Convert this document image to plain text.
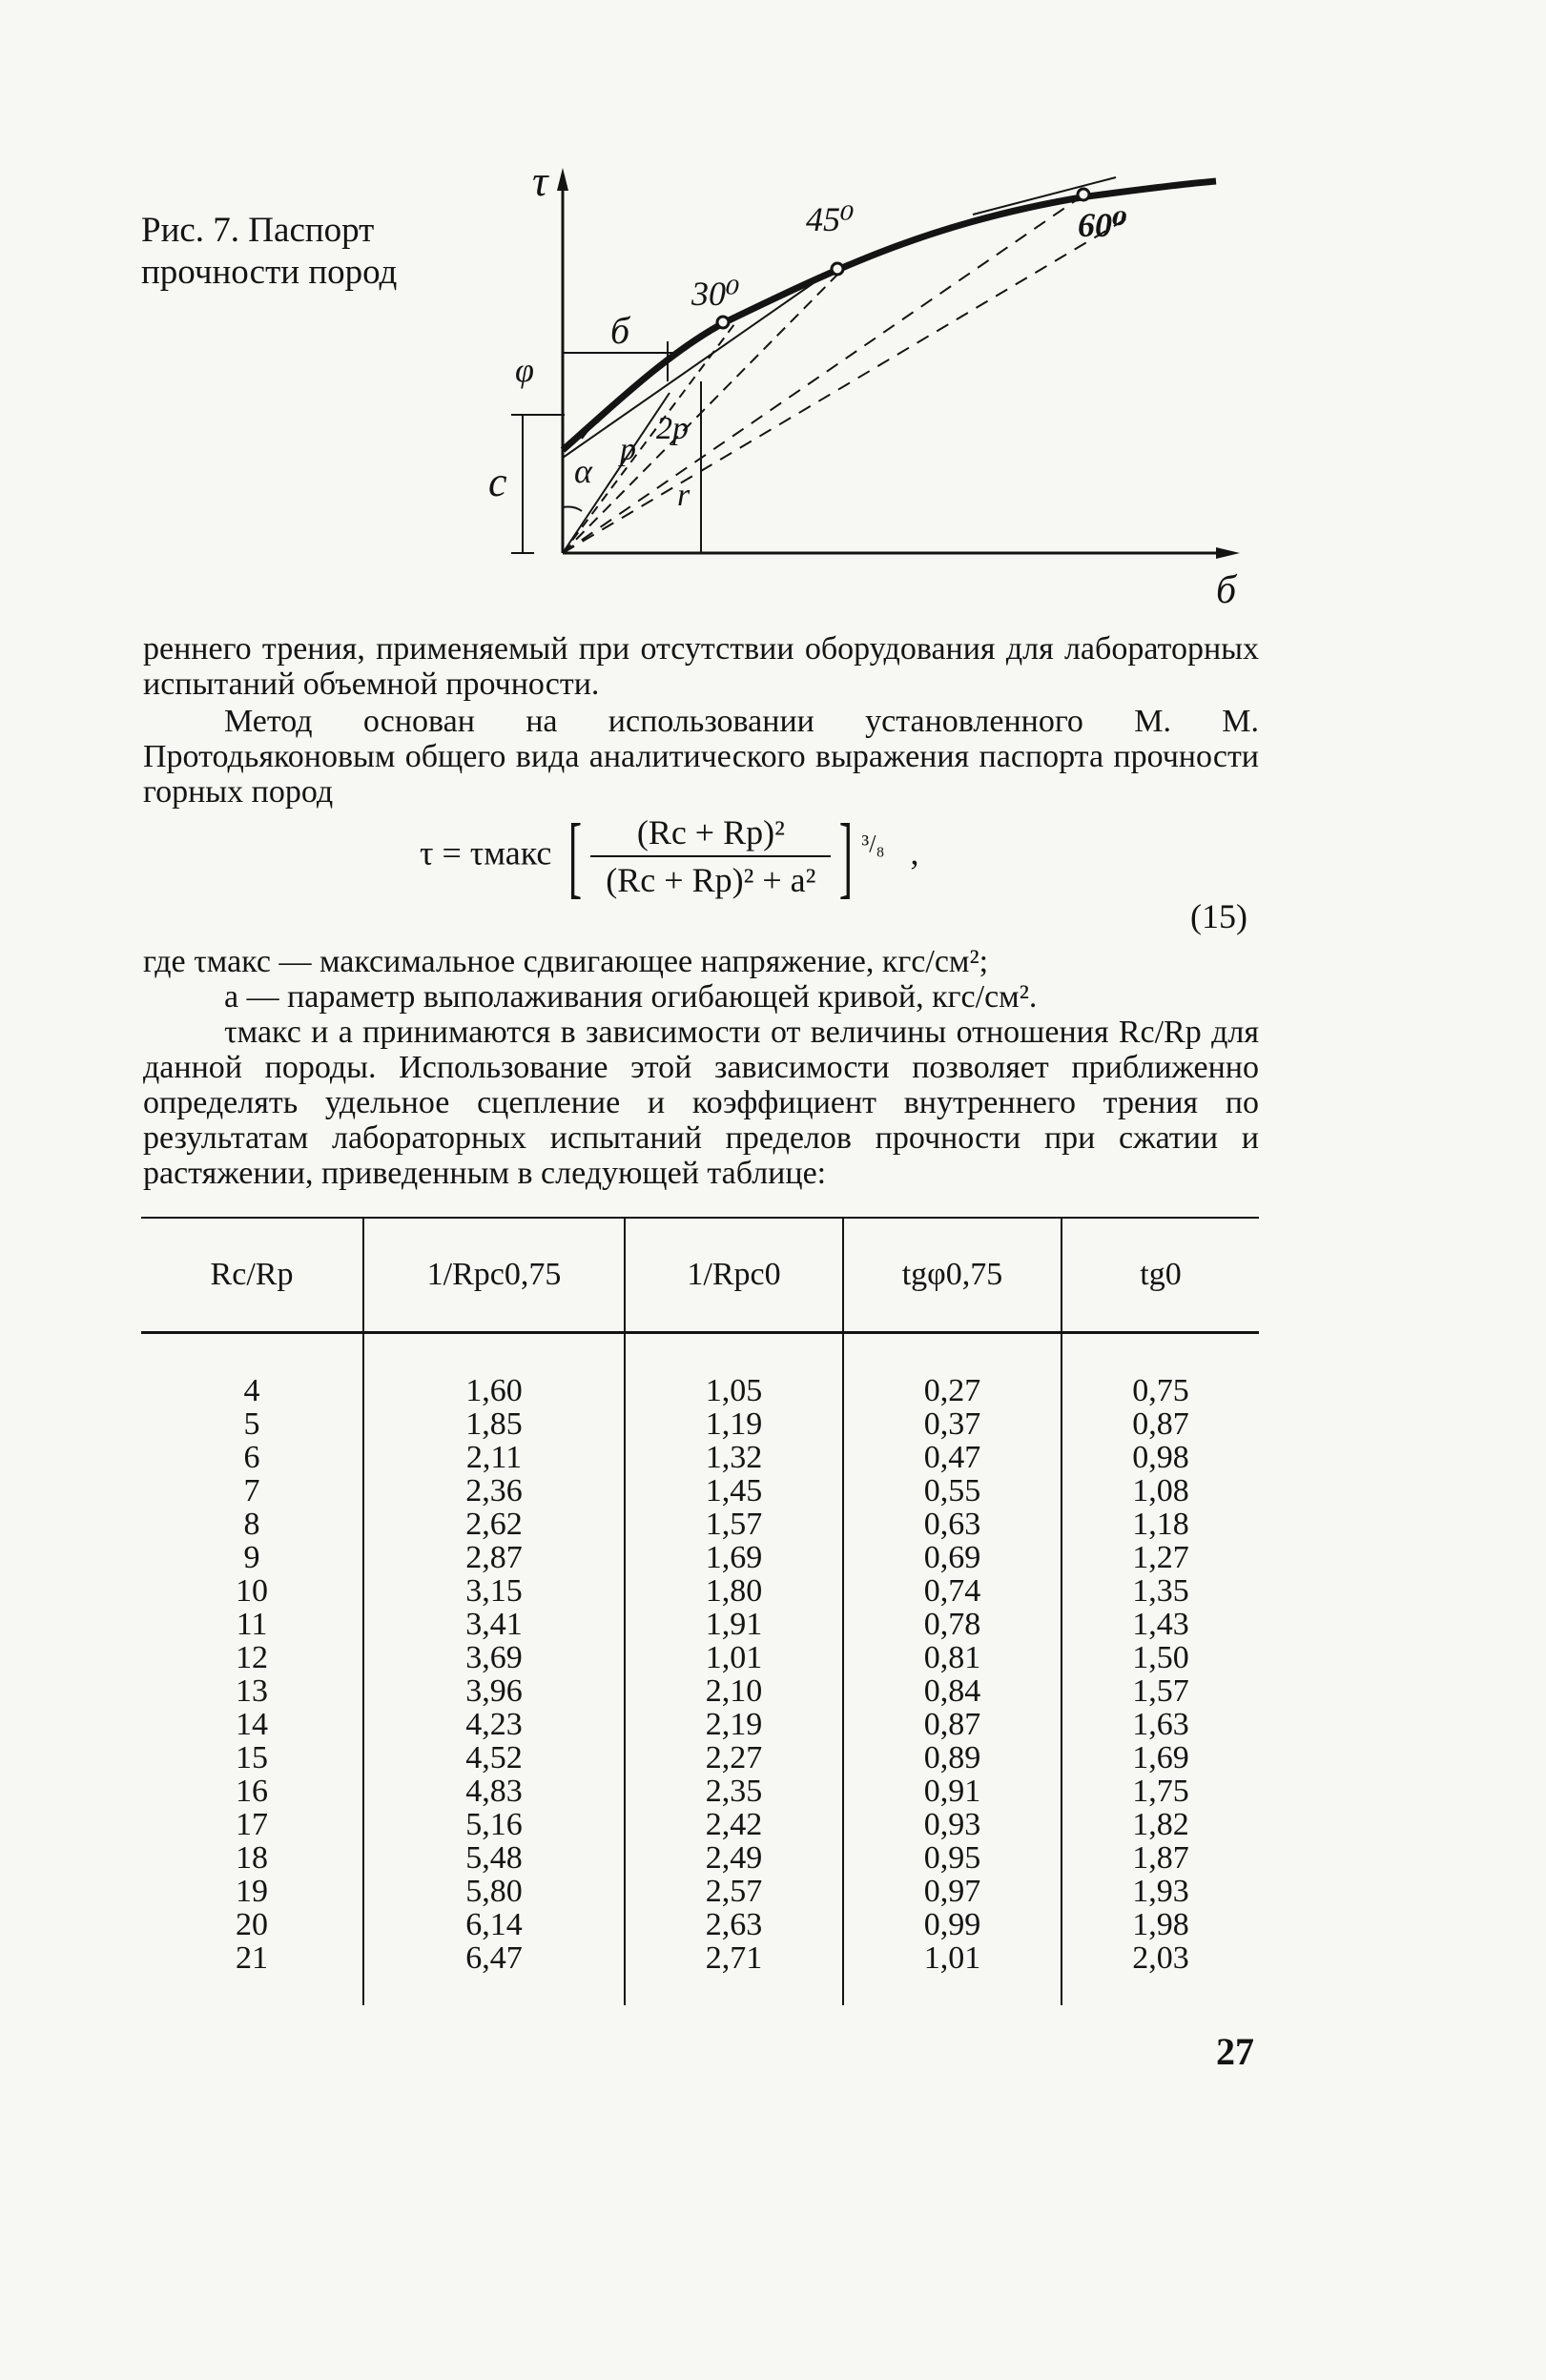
Рис. 7. Паспорт прочности пород
τ
б
б
c
φ
α
p
2p
r
30⁰
45⁰	60⁰
реннего трения, применяемый при отсутствии оборудования для лабораторных испытаний объемной прочности.
Метод основан на использовании установленного М. М. Протодьяконовым общего вида аналитического выражения паспорта прочности горных пород
τ = τмакс [ $\frac{\text{(Rс + Rр)²}}{\text{(Rс + Rр)² + a²}}$ ] $^{^3/_8}$ ,
(15)
где τмакс — максимальное сдвигающее напряжение, кгс/см²;
a — параметр выполаживания огибающей кривой, кгс/см².
τмакс и a принимаются в зависимости от величины отношения Rс/Rр для данной породы. Использование этой зависимости позволяет приближенно определять удельное сцепление и коэффициент внутреннего трения по результатам лабораторных испытаний пределов прочности при сжатии и растяжении, приведенным в следующей таблице:
Rс/Rр	1/Rрс0,75	1/Rрс0	tgφ0,75	tg0
4	1,60	1,05	0,27	0,75
5	1,85	1,19	0,37	0,87
6	2,11	1,32	0,47	0,98
7	2,36	1,45	0,55	1,08
8	2,62	1,57	0,63	1,18
9	2,87	1,69	0,69	1,27
10	3,15	1,80	0,74	1,35
11	3,41	1,91	0,78	1,43
12	3,69	1,01	0,81	1,50
13	3,96	2,10	0,84	1,57
14	4,23	2,19	0,87	1,63
15	4,52	2,27	0,89	1,69
16	4,83	2,35	0,91	1,75
17	5,16	2,42	0,93	1,82
18	5,48	2,49	0,95	1,87
19	5,80	2,57	0,97	1,93
20	6,14	2,63	0,99	1,98
21	6,47	2,71	1,01	2,03
27
